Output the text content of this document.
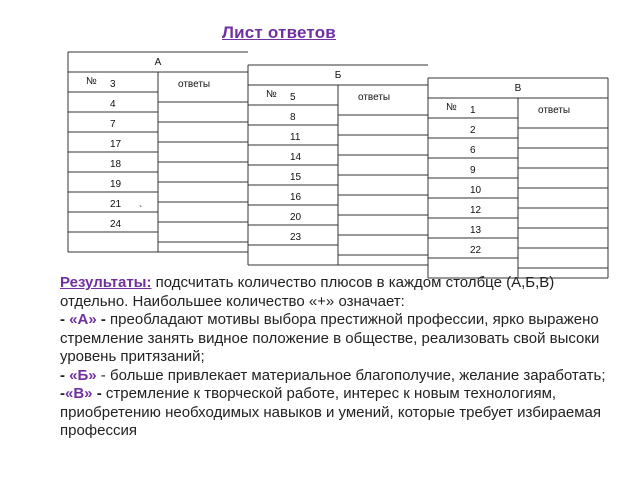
Лист ответов
А
№	ответы
3
4
7
17
18
19
21
24
Б
№	ответы
5
8
11
14
15
16
20
23
В
№	ответы
1
2
6
9
10
12
13
22
`

Результаты: подсчитать количество плюсов в каждом столбце (А,Б,В) отдельно. Наибольшее количество «+» означает:

- «А» - преобладают мотивы выбора престижной профессии, ярко выражено стремление занять видное положение в обществе, реализовать свой высоки уровень притязаний;

- «Б» - больше привлекает материальное благополучие, желание заработать;

-«В» - стремление к творческой работе, интерес к новым технологиям, приобретению необходимых навыков и умений, которые требует избираемая профессия
